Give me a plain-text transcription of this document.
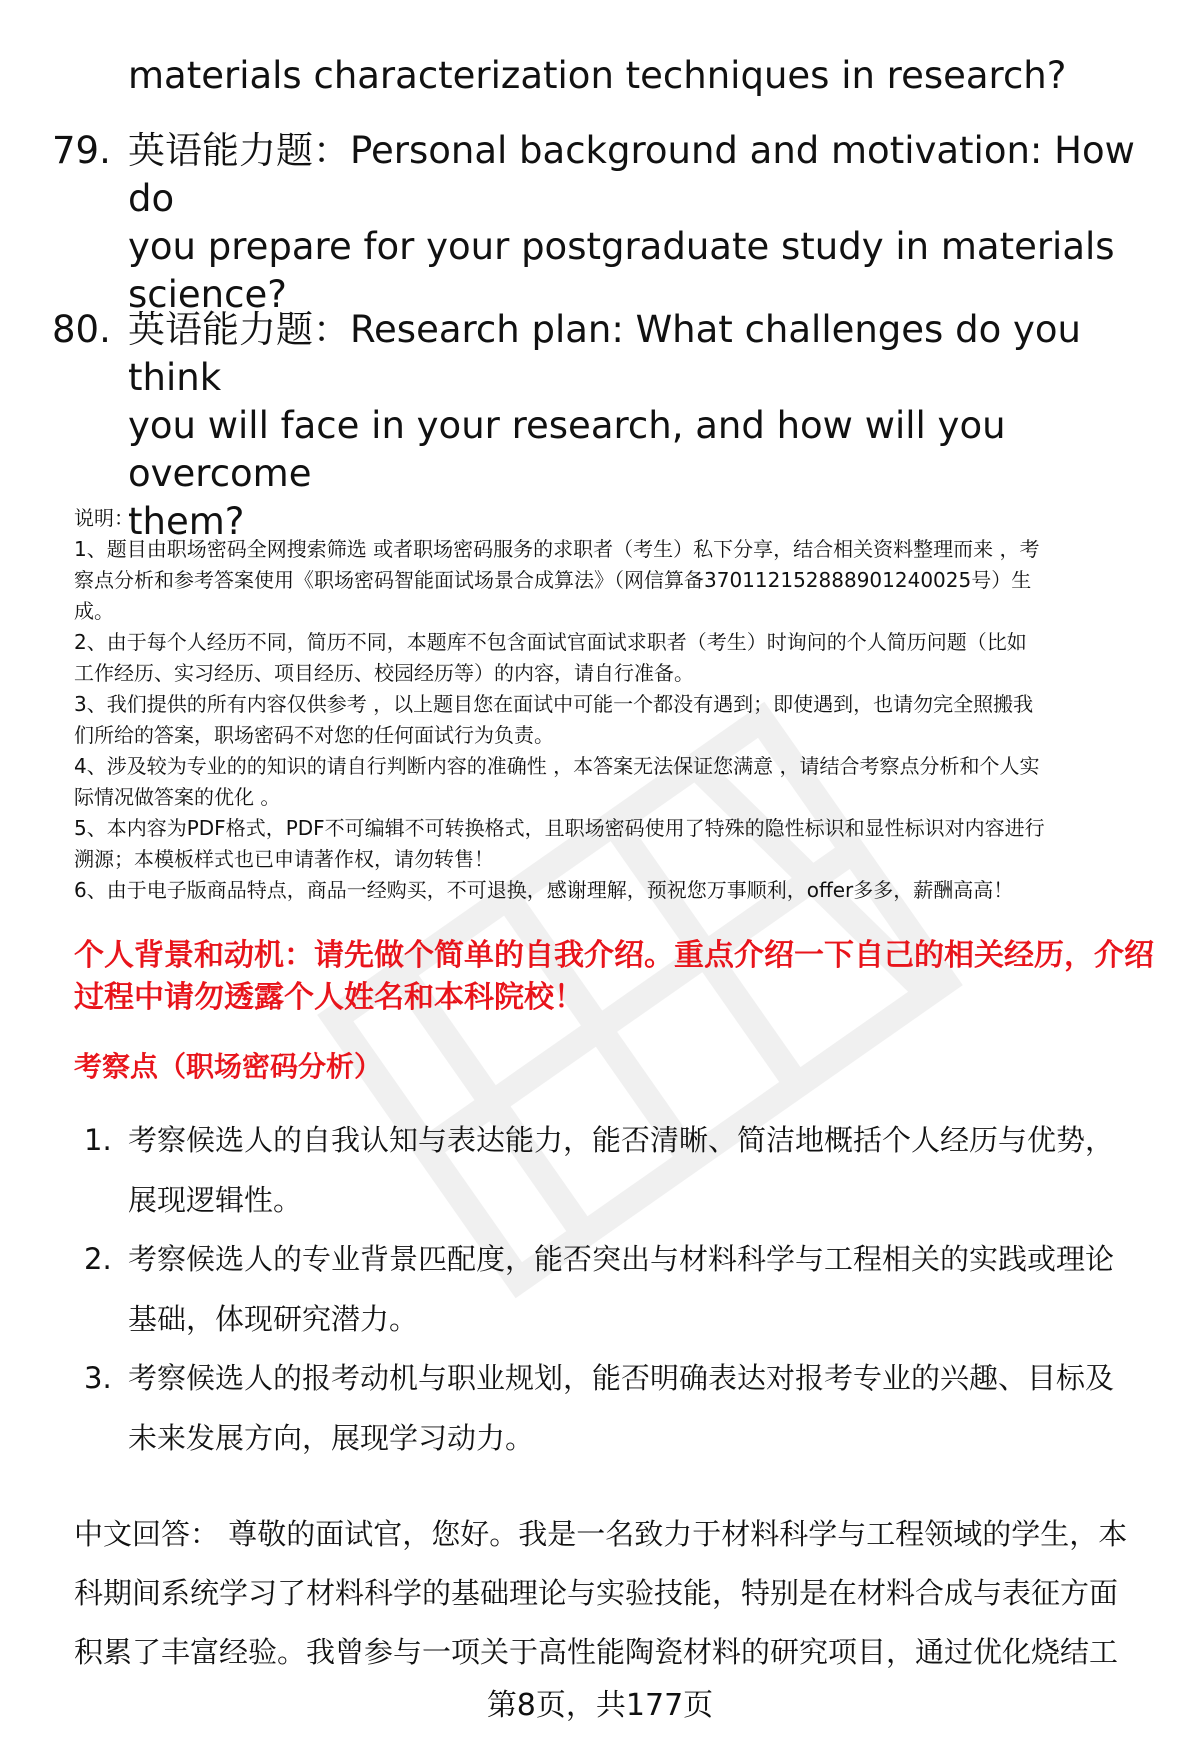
materials characterization techniques in research?
79. 英语能力题：Personal background and motivation: How do
you prepare for your postgraduate study in materials
science?
80. 英语能力题：Research plan: What challenges do you think
you will face in your research, and how will you overcome
them?

说明：

1、题目由职场密码全网搜索筛选 或者职场密码服务的求职者（考生）私下分享，结合相关资料整理而来 ，考

察点分析和参考答案使用《职场密码智能面试场景合成算法》（网信算备370112152888901240025号）生

成。

2、由于每个人经历不同，简历不同，本题库不包含面试官面试求职者（考生）时询问的个人简历问题（比如

工作经历、实习经历、项目经历、校园经历等）的内容，请自行准备。

3、我们提供的所有内容仅供参考 ，以上题目您在面试中可能一个都没有遇到；即使遇到，也请勿完全照搬我

们所给的答案，职场密码不对您的任何面试行为负责。

4、涉及较为专业的的知识的请自行判断内容的准确性 ，本答案无法保证您满意 ，请结合考察点分析和个人实

际情况做答案的优化 。

5、本内容为PDF格式，PDF不可编辑不可转换格式，且职场密码使用了特殊的隐性标识和显性标识对内容进行

溯源；本模板样式也已申请著作权，请勿转售！

6、由于电子版商品特点，商品一经购买，不可退换，感谢理解，预祝您万事顺利，offer多多，薪酬高高！

个人背景和动机：请先做个简单的自我介绍。重点介绍一下自己的相关经历，介绍
过程中请勿透露个人姓名和本科院校！
考察点（职场密码分析）
1. 考察候选人的自我认知与表达能力，能否清晰、简洁地概括个人经历与优势，
展现逻辑性。
2. 考察候选人的专业背景匹配度，能否突出与材料科学与工程相关的实践或理论
基础，体现研究潜力。
3. 考察候选人的报考动机与职业规划，能否明确表达对报考专业的兴趣、目标及
未来发展方向，展现学习动力。
中文回答： 尊敬的面试官，您好。我是一名致力于材料科学与工程领域的学生，本
科期间系统学习了材料科学的基础理论与实验技能，特别是在材料合成与表征方面
积累了丰富经验。我曾参与一项关于高性能陶瓷材料的研究项目，通过优化烧结工
第8页，共177页
